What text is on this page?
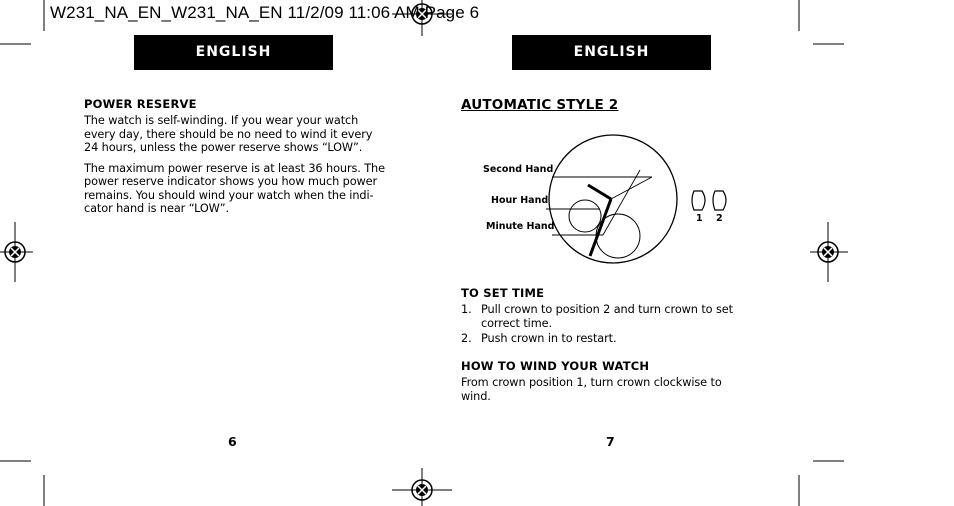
W231_NA_EN_W231_NA_EN 11/2/09 11:06 AM Page 6
ENGLISH
POWER RESERVE

The watch is self-winding. If you wear your watch
every day, there should be no need to wind it every
24 hours, unless the power reserve shows “LOW”.

The maximum power reserve is at least 36 hours. The
power reserve indicator shows you how much power
remains. You should wind your watch when the indi-
cator hand is near “LOW”.

6
ENGLISH
AUTOMATIC STYLE 2
Second Hand
Hour Hand
Minute Hand
1 2
TO SET TIME
1. Pull crown to position 2 and turn crown to set
correct time.
2. Push crown in to restart.
HOW TO WIND YOUR WATCH

From crown position 1, turn crown clockwise to
wind.

7
